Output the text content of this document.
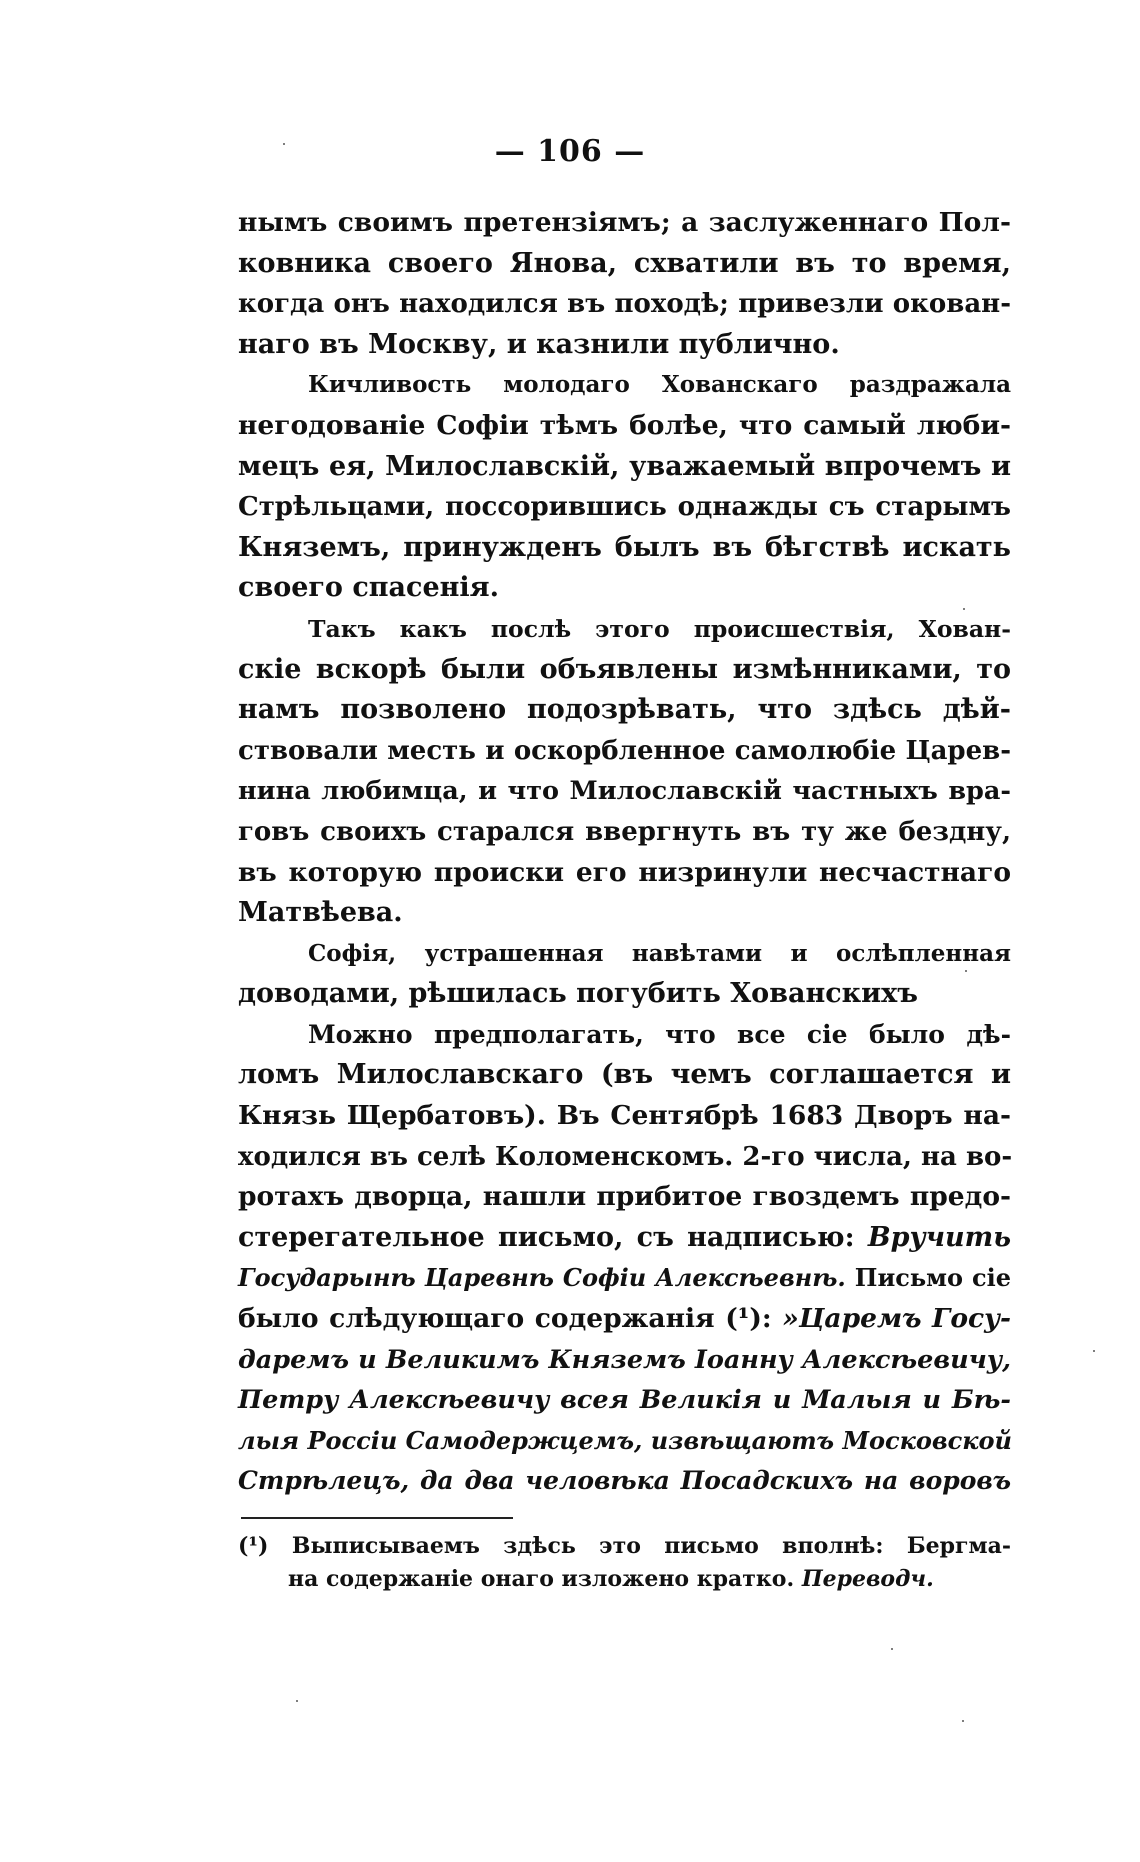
— 106 —
нымъ своимъ претензіямъ; а заслуженнаго Пол-
ковника своего Янова, схватили въ то время,
когда онъ находился въ походѣ; привезли окован-
наго въ Москву, и казнили публично.
Кичливость молодаго Хованскаго раздражала
негодованіе Софіи тѣмъ болѣе, что самый люби-
мецъ ея, Милославскій, уважаемый впрочемъ и
Стрѣльцами, поссорившись однажды съ старымъ
Княземъ, принужденъ былъ въ бѣгствѣ искать
своего спасенія.
Такъ какъ послѣ этого происшествія, Хован-
скіе вскорѣ были объявлены измѣнниками, то
намъ позволено подозрѣвать, что здѣсь дѣй-
ствовали месть и оскорбленное самолюбіе Царев-
нина любимца, и что Милославскій частныхъ вра-
говъ своихъ старался ввергнуть въ ту же бездну,
въ которую происки его низринули несчастнаго
Матвѣева.
Софія, устрашенная навѣтами и ослѣпленная
доводами, рѣшилась погубить Хованскихъ
Можно предполагать, что все сіе было дѣ-
ломъ Милославскаго (въ чемъ соглашается и
Князь Щербатовъ). Въ Сентябрѣ 1683 Дворъ на-
ходился въ селѣ Коломенскомъ. 2-го числа, на во-
ротахъ дворца, нашли прибитое гвоздемъ предо-
стерегательное письмо, съ надписью: Вручить
Государынѣ Царевнѣ Софіи Алексѣевнѣ. Письмо сіе
было слѣдующаго содержанія (¹): »Царемъ Госу-
даремъ и Великимъ Княземъ Іоанну Алексѣевичу,
Петру Алексѣевичу всея Великія и Малыя и Бѣ-
лыя Россіи Самодержцемъ, извѣщаютъ Московской
Стрѣлецъ, да два человѣка Посадскихъ на воровъ
(¹) Выписываемъ здѣсь это письмо вполнѣ: Бергма-
на содержаніе онаго изложено кратко. Переводч.
